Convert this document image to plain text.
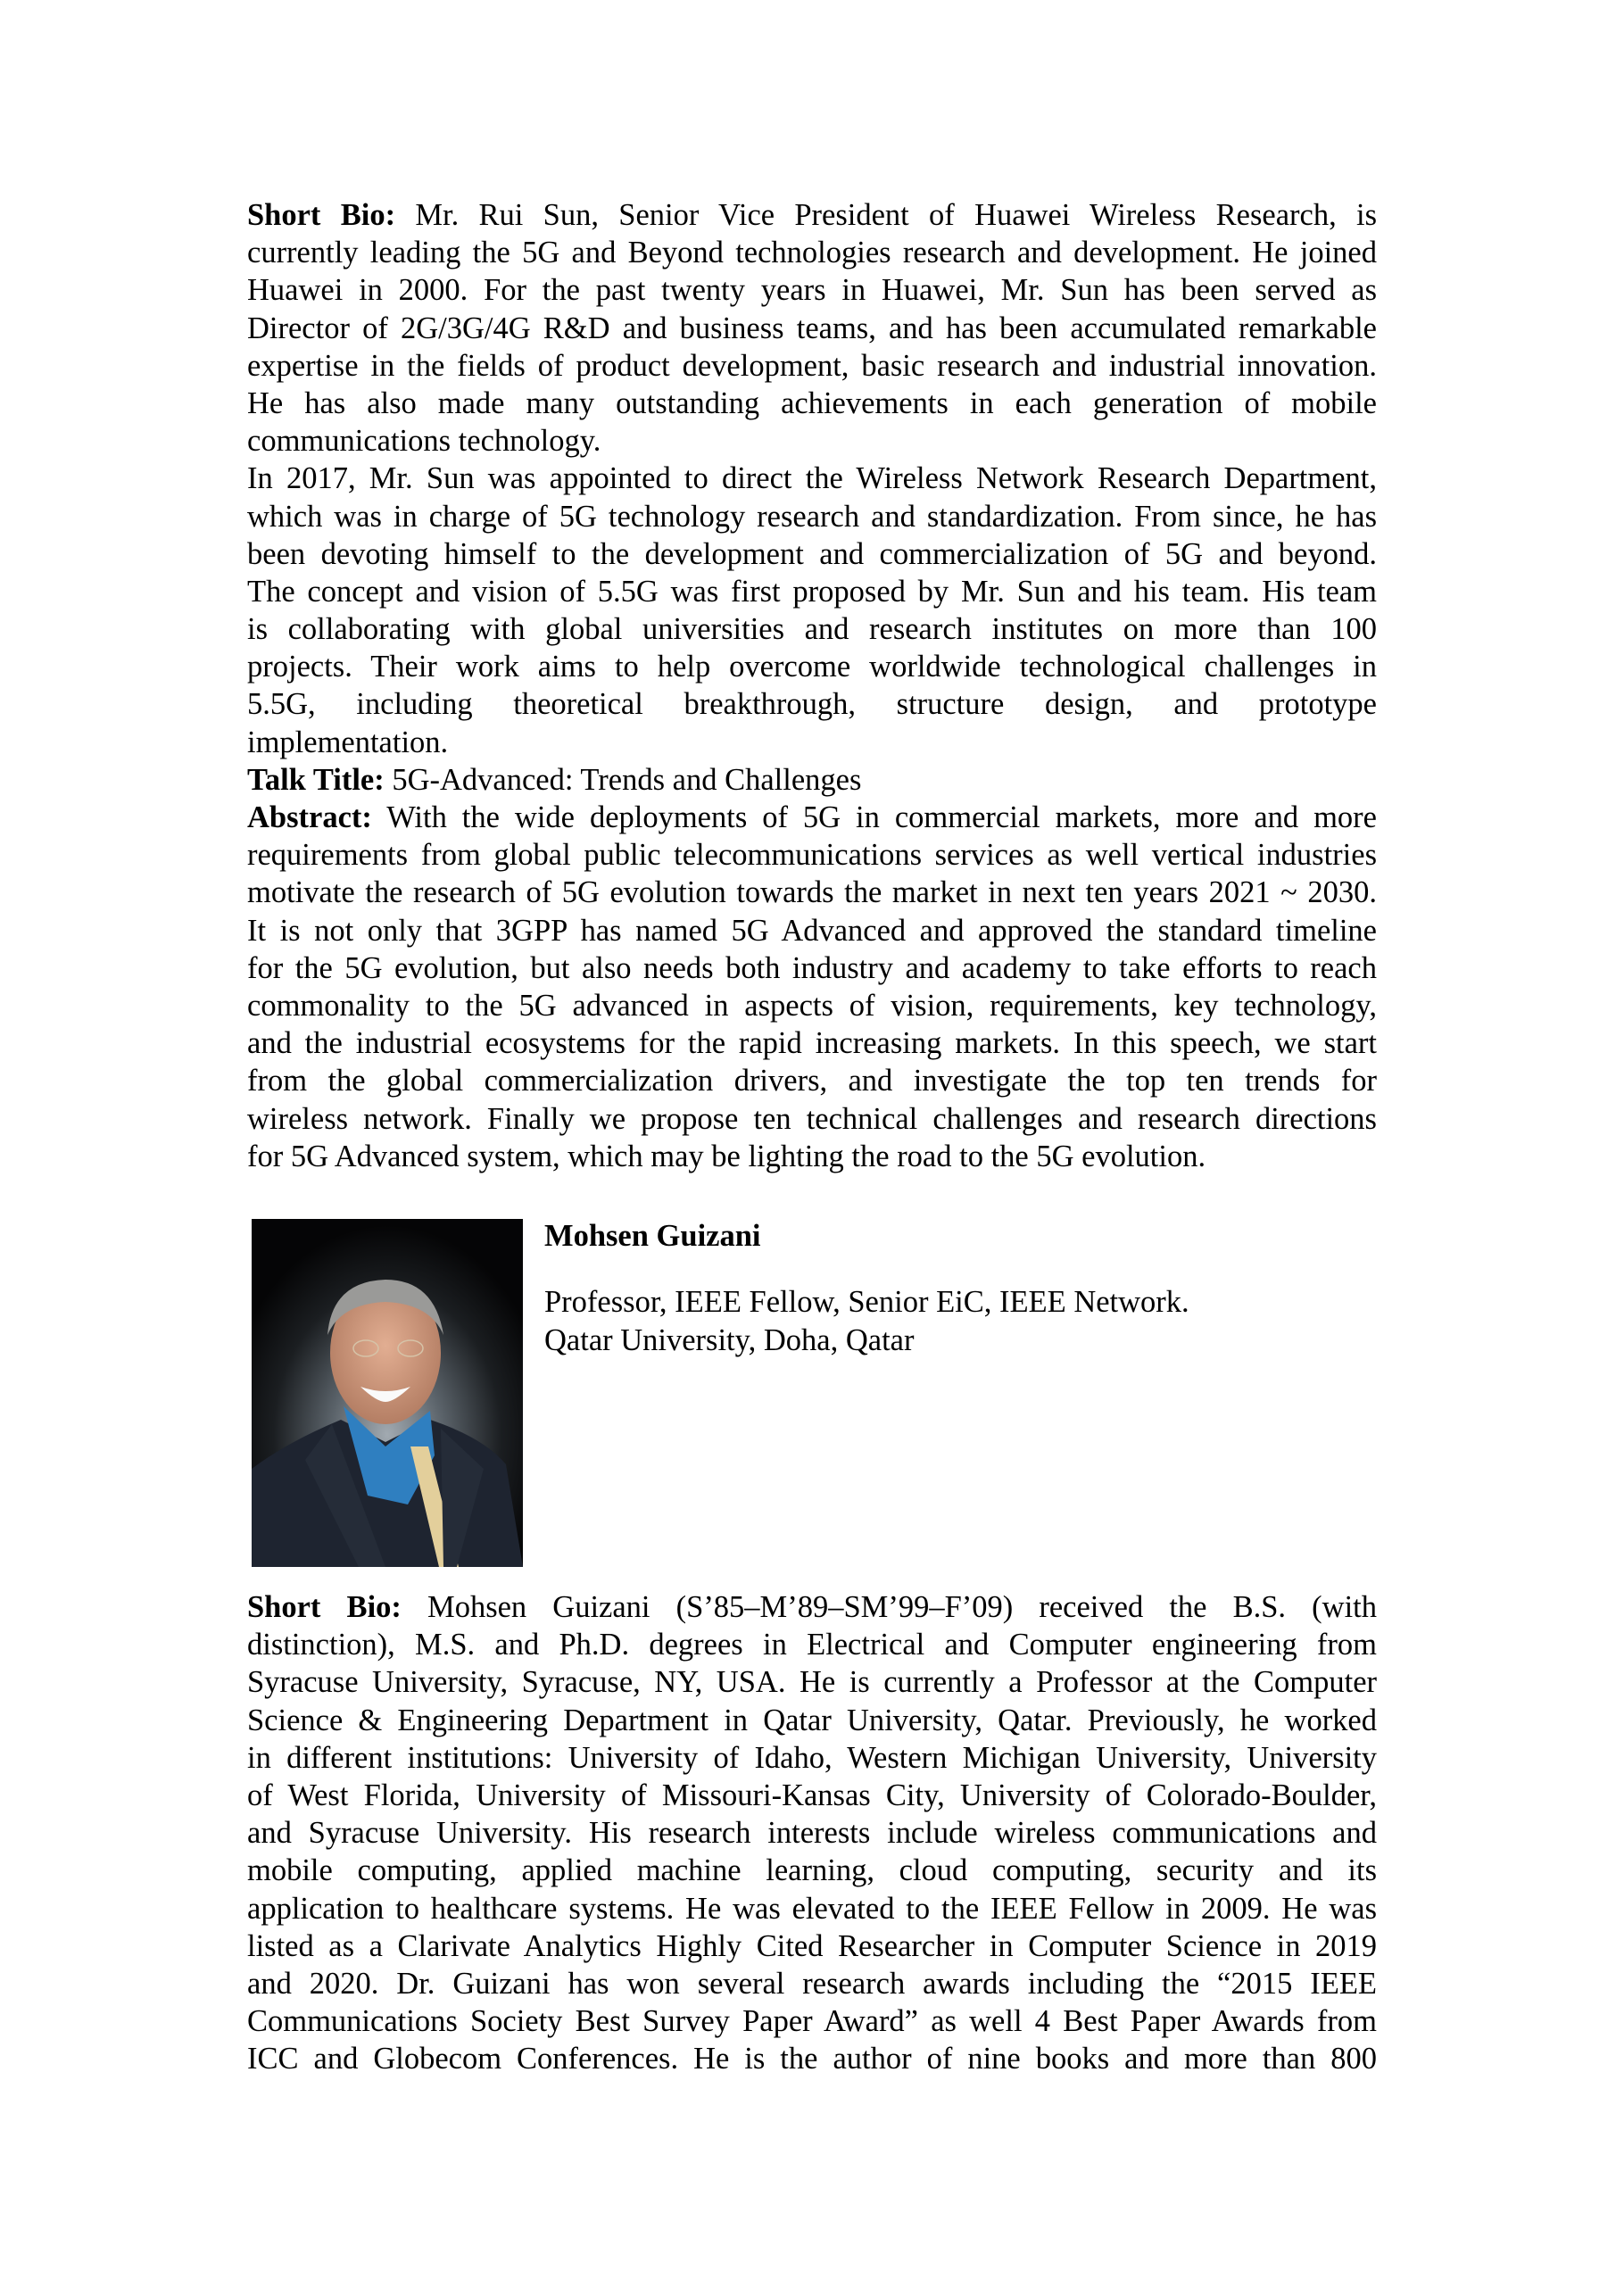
Short Bio: Mr. Rui Sun, Senior Vice President of Huawei Wireless Research, is
currently leading the 5G and Beyond technologies research and development. He joined
Huawei in 2000. For the past twenty years in Huawei, Mr. Sun has been served as
Director of 2G/3G/4G R&D and business teams, and has been accumulated remarkable
expertise in the fields of product development, basic research and industrial innovation.
He has also made many outstanding achievements in each generation of mobile
communications technology.
In 2017, Mr. Sun was appointed to direct the Wireless Network Research Department,
which was in charge of 5G technology research and standardization. From since, he has
been devoting himself to the development and commercialization of 5G and beyond.
The concept and vision of 5.5G was first proposed by Mr. Sun and his team. His team
is collaborating with global universities and research institutes on more than 100
projects. Their work aims to help overcome worldwide technological challenges in
5.5G, including theoretical breakthrough, structure design, and prototype
implementation.
Talk Title: 5G-Advanced: Trends and Challenges
Abstract: With the wide deployments of 5G in commercial markets, more and more
requirements from global public telecommunications services as well vertical industries
motivate the research of 5G evolution towards the market in next ten years 2021 ~ 2030.
It is not only that 3GPP has named 5G Advanced and approved the standard timeline
for the 5G evolution, but also needs both industry and academy to take efforts to reach
commonality to the 5G advanced in aspects of vision, requirements, key technology,
and the industrial ecosystems for the rapid increasing markets. In this speech, we start
from the global commercialization drivers, and investigate the top ten trends for
wireless network. Finally we propose ten technical challenges and research directions
for 5G Advanced system, which may be lighting the road to the 5G evolution.
Mohsen Guizani
Professor, IEEE Fellow, Senior EiC, IEEE Network.
Qatar University, Doha, Qatar
Short Bio: Mohsen Guizani (S’85–M’89–SM’99–F’09) received the B.S. (with
distinction), M.S. and Ph.D. degrees in Electrical and Computer engineering from
Syracuse University, Syracuse, NY, USA. He is currently a Professor at the Computer
Science & Engineering Department in Qatar University, Qatar. Previously, he worked
in different institutions: University of Idaho, Western Michigan University, University
of West Florida, University of Missouri-Kansas City, University of Colorado-Boulder,
and Syracuse University. His research interests include wireless communications and
mobile computing, applied machine learning, cloud computing, security and its
application to healthcare systems. He was elevated to the IEEE Fellow in 2009. He was
listed as a Clarivate Analytics Highly Cited Researcher in Computer Science in 2019
and 2020. Dr. Guizani has won several research awards including the “2015 IEEE
Communications Society Best Survey Paper Award” as well 4 Best Paper Awards from
ICC and Globecom Conferences. He is the author of nine books and more than 800
